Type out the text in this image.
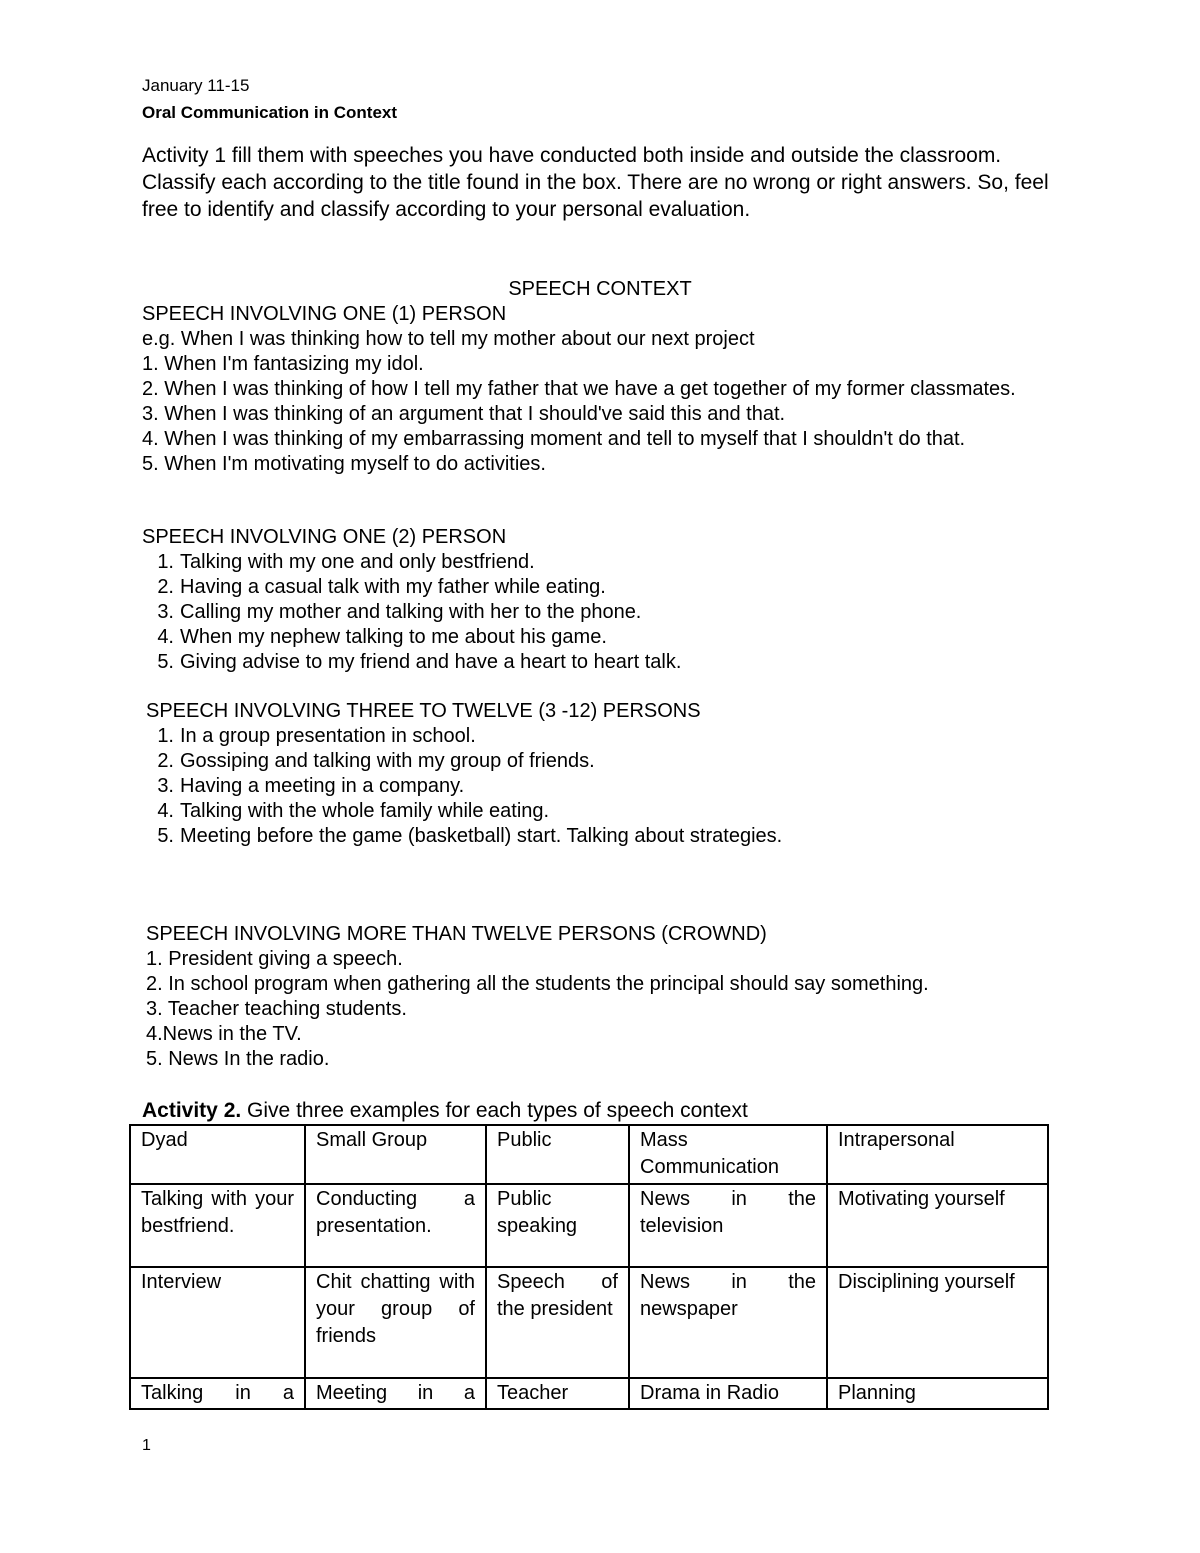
January 11-15
Oral Communication in Context

Activity 1 fill them with speeches you have conducted both inside and outside the classroom. Classify each according to the title found in the box. There are no wrong or right answers. So, feel free to identify and classify according to your personal evaluation.

SPEECH CONTEXT
SPEECH INVOLVING ONE (1) PERSON
e.g. When I was thinking how to tell my mother about our next project
1. When I'm fantasizing my idol.
2. When I was thinking of how I tell my father that we have a get together of my former classmates.
3. When I was thinking of an argument that I should've said this and that.
4. When I was thinking of my embarrassing moment and tell to myself that I shouldn't do that.
5. When I'm motivating myself to do activities.
SPEECH INVOLVING ONE (2) PERSON
1. Talking with my one and only bestfriend.
2. Having a casual talk with my father while eating.
3. Calling my mother and talking with her to the phone.
4. When my nephew talking to me about his game.
5. Giving advise to my friend and have a heart to heart talk.
SPEECH INVOLVING THREE TO TWELVE (3 -12) PERSONS
1. In a group presentation in school.
2. Gossiping and talking with my group of friends.
3. Having a meeting in a company.
4. Talking with the whole family while eating.
5. Meeting before the game (basketball) start. Talking about strategies.
SPEECH INVOLVING MORE THAN TWELVE PERSONS (CROWND)
1. President giving a speech.
2. In school program when gathering all the students the principal should say something.
3. Teacher teaching students.
4.News in the TV.
5. News In the radio.
Activity 2. Give three examples for each types of speech context
Dyad	Small Group	Public	Mass Communication	Intrapersonal
Talking with your bestfriend.	Conducting a presentation.	Public speaking	News in the television	Motivating yourself
Interview	Chit chatting with your group of friends	Speech of the president	News in the newspaper	Disciplining yourself
Talking in a	Meeting in a	Teacher	Drama in Radio	Planning
1
